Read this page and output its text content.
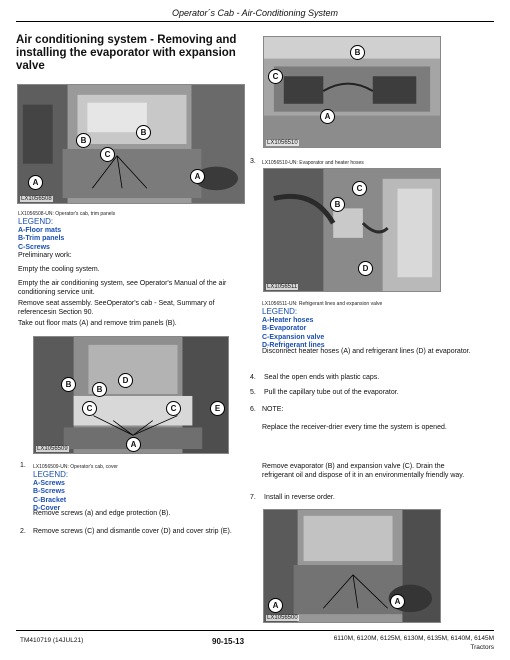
Operator´s Cab - Air-Conditioning System
Air conditioning system - Removing and installing the evaporator with expansion valve
A
B
B
C
A
LX1056508
LX1056508-UN: Operator's cab, trim panels
LEGEND:
A-Floor mats
B-Trim panels
C-Screws
Preliminary work:
Empty the cooling system.
Empty the air conditioning system, see Operator's Manual of the air conditioning service unit.
Remove seat assembly. SeeOperator's cab - Seat, Summary of referencesin Section 90.
Take out floor mats (A) and remove trim panels (B).
B
B
D
C	C	E
A
LX1056509
1. LX1056509-UN: Operator's cab, cover
LEGEND:
A-Screws
B-Screws
C-Bracket
D-Cover
Remove screws (a) and edge protection (B).
2. Remove screws (C) and dismantle cover (D) and cover strip (E).
B
C
A
LX1056510
3. LX1056510-UN: Evaporator and heater hoses
C
B
D
LX1056511
LX1056511-UN: Refrigerant lines and expansion valve
LEGEND:
A-Heater hoses
B-Evaporator
C-Expansion valve
D-Refrigerant lines
Disconnect heater hoses (A) and refrigerant lines (D) at evaporator.
4. Seal the open ends with plastic caps.
5. Pull the capillary tube out of the evaporator.
6. NOTE:
Replace the receiver-drier every time the system is opened.
Remove evaporator (B) and expansion valve (C). Drain the refrigerant oil and dispose of it in an environmentally friendly way.
7. Install in reverse order.
A	A
LX1056500
TM410719 (14JUL21)	90-15-13	6110M, 6120M, 6125M, 6130M, 6135M, 6140M, 6145M
Tractors
